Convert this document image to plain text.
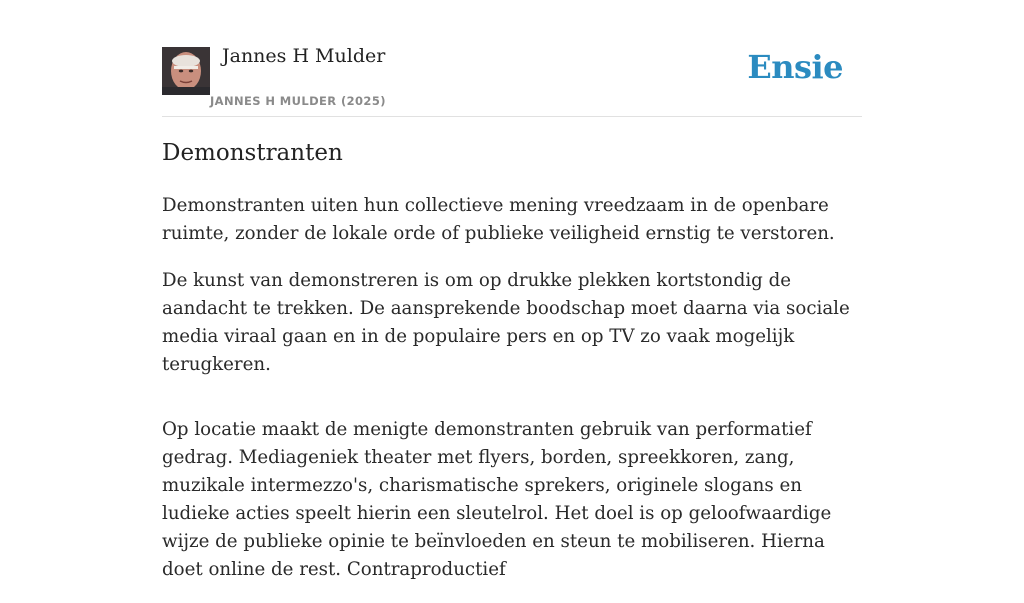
Jannes H Mulder
JANNES H MULDER (2025)
Ensie
Demonstranten

Demonstranten uiten hun collectieve mening vreedzaam in de openbare ruimte, zonder de lokale orde of publieke veiligheid ernstig te verstoren.

De kunst van demonstreren is om op drukke plekken kortstondig de aandacht te trekken. De aansprekende boodschap moet daarna via sociale media viraal gaan en in de populaire pers en op TV zo vaak mogelijk terugkeren.

Op locatie maakt de menigte demonstranten gebruik van performatief gedrag. Mediageniek theater met flyers, borden, spreekkoren, zang, muzikale intermezzo's, charismatische sprekers, originele slogans en ludieke acties speelt hierin een sleutelrol. Het doel is op geloofwaardige wijze de publieke opinie te beïnvloeden en steun te mobiliseren. Hierna doet online de rest. Contraproductief
